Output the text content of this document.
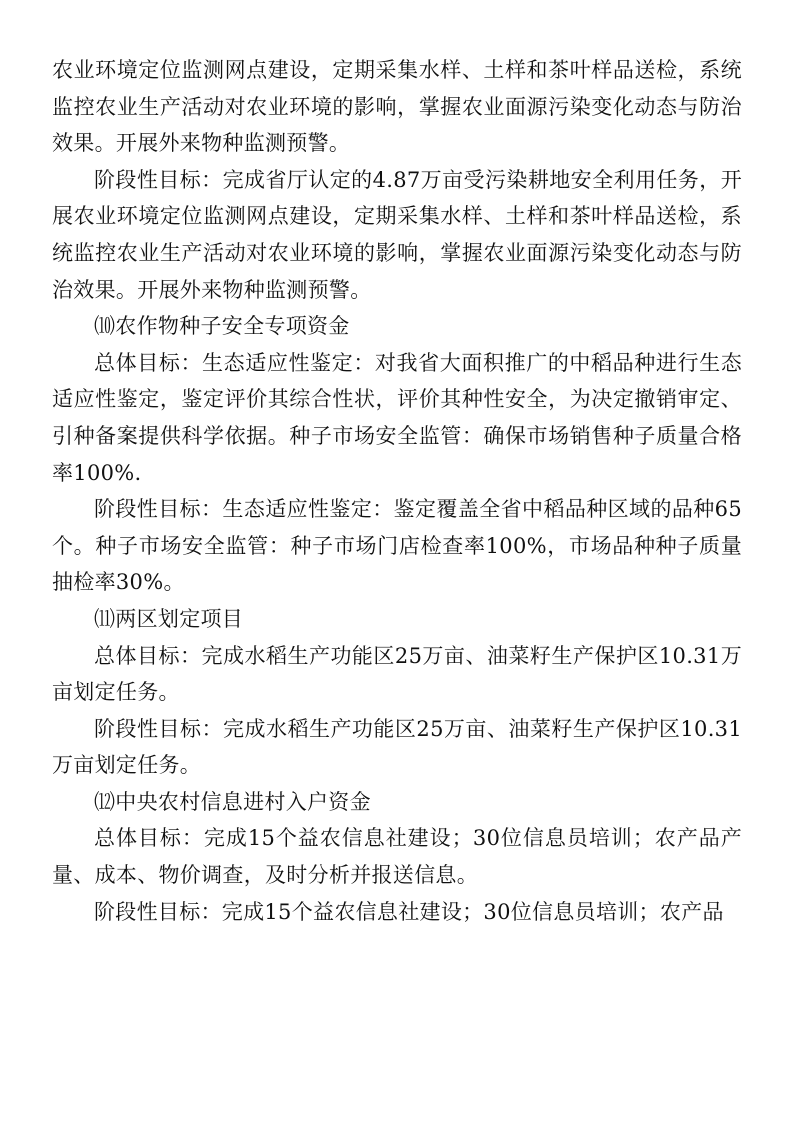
农业环境定位监测网点建设，定期采集水样、土样和茶叶样品送检，系统监控农业生产活动对农业环境的影响，掌握农业面源污染变化动态与防治效果。开展外来物种监测预警。

阶段性目标：完成省厅认定的4.87万亩受污染耕地安全利用任务，开展农业环境定位监测网点建设，定期采集水样、土样和茶叶样品送检，系统监控农业生产活动对农业环境的影响，掌握农业面源污染变化动态与防治效果。开展外来物种监测预警。

⑽农作物种子安全专项资金

总体目标：生态适应性鉴定：对我省大面积推广的中稻品种进行生态适应性鉴定，鉴定评价其综合性状，评价其种性安全，为决定撤销审定、引种备案提供科学依据。种子市场安全监管：确保市场销售种子质量合格率100%.

阶段性目标：生态适应性鉴定：鉴定覆盖全省中稻品种区域的品种65个。种子市场安全监管：种子市场门店检查率100%，市场品种种子质量抽检率30%。

⑾两区划定项目

总体目标：完成水稻生产功能区25万亩、油菜籽生产保护区10.31万亩划定任务。

阶段性目标：完成水稻生产功能区25万亩、油菜籽生产保护区10.31万亩划定任务。

⑿中央农村信息进村入户资金

总体目标：完成15个益农信息社建设；30位信息员培训；农产品产量、成本、物价调查，及时分析并报送信息。

阶段性目标：完成15个益农信息社建设；30位信息员培训；农产品
